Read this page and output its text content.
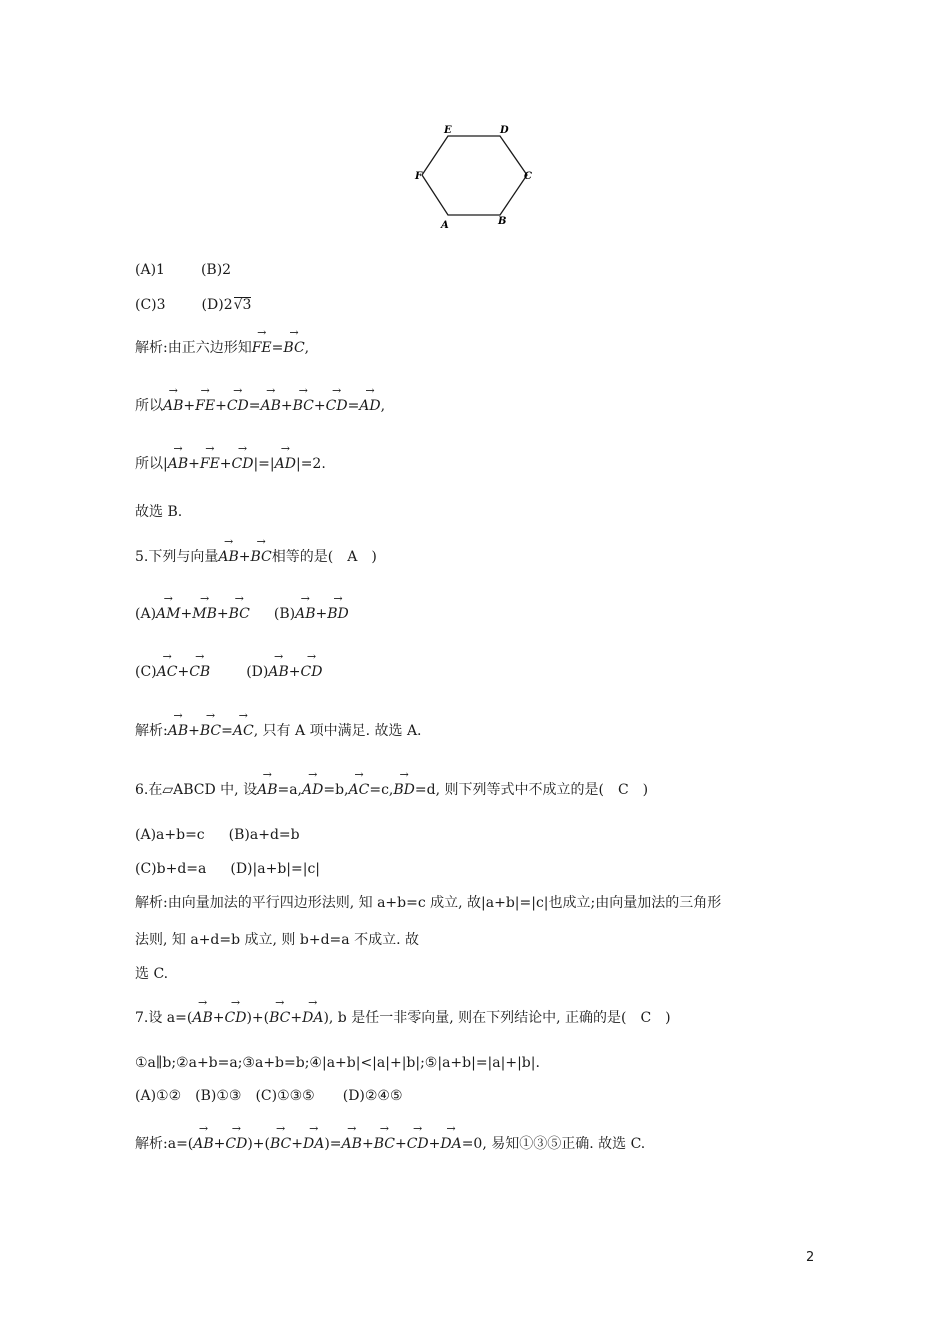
E	D
F	C
A	B
(A)1	(B)2
(C)3	(D)2√3
解析:由正六边形知→ FE=→ BC,
所以→ AB+→ FE+→ CD=→ AB+→ BC+→ CD=→ AD,
所以|→ AB+→ FE+→ CD|=|→ AD|=2.
故选 B.
5.下列与向量→ AB+→ BC相等的是(　A　)
(A)→ AM+→ MB+→ BC (B)→ AB+→ BD
(C)→ AC+→ CB	(D)→ AB+→ CD
解析:→ AB+→ BC=→ AC, 只有 A 项中满足. 故选 A.
6.在▱ABCD 中, 设→ AB=a,→ AD=b,→ AC=c,→ BD=d, 则下列等式中不成立的是(　C　)
(A)a+b=c (B)a+d=b
(C)b+d=a (D)|a+b|=|c|
解析:由向量加法的平行四边形法则, 知 a+b=c 成立, 故|a+b|=|c|也成立;由向量加法的三角形
法则, 知 a+d=b 成立, 则 b+d=a 不成立. 故
选 C.
7.设 a=(→ AB+→ CD)+(→ BC+→ DA), b 是任一非零向量, 则在下列结论中, 正确的是(　C　)
①a∥b;②a+b=a;③a+b=b;④|a+b|<|a|+|b|;⑤|a+b|=|a|+|b|.
(A)①②　(B)①③　(C)①③⑤　　(D)②④⑤
解析:a=(→ AB+→ CD)+(→ BC+→ DA)=→ AB+→ BC+→ CD+→ DA=0, 易知①③⑤正确. 故选 C.
2
